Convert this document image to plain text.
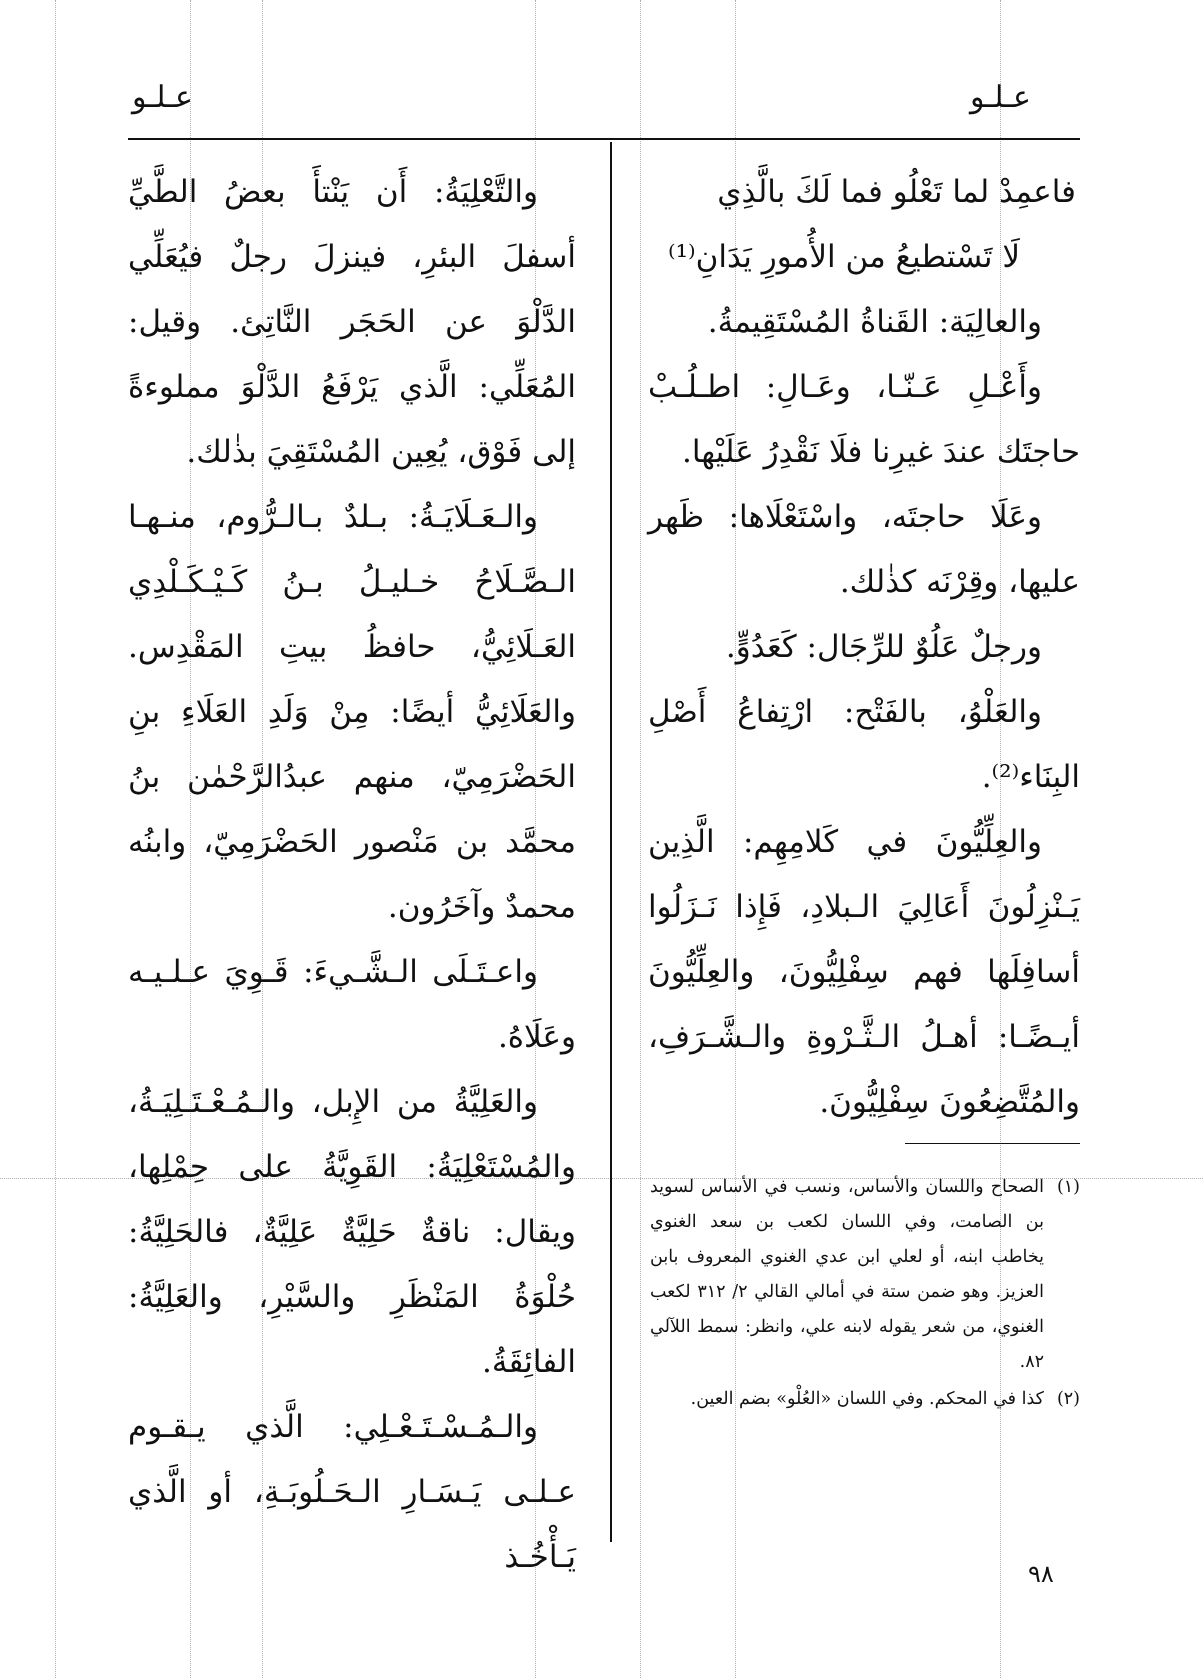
عـلـو
عـلـو

فاعمِدْ لما تَعْلُو فما لَكَ بالَّذِي

لَا تَسْتطيعُ من الأُمورِ يَدَانِ⁽¹⁾

والعالِيَة: القَناةُ المُسْتَقِيمةُ.

وأَعْـلِ عَـنّـا، وعَـالِ: اطـلُـبْ حاجتَك عندَ غيرِنا فلَا نَقْدِرُ عَلَيْها.

وعَلَا حاجتَه، واسْتَعْلَاها: ظَهر عليها، وقِرْنَه كذٰلك.

ورجلٌ عَلُوٌ للرِّجَال: كَعَدُوٍّ.

والعَلْوُ، بالفَتْح: ارْتِفاعُ أَصْلِ البِنَاء⁽²⁾.

والعِلِّيُّونَ في كَلامِهِم: الَّذِين يَـنْزِلُونَ أَعَالِيَ الـبلادِ، فَإِذا نَـزَلُوا أسافِلَها فهم سِفْلِيُّونَ، والعِلِّيُّونَ أيـضًـا: أهـلُ الـثَّـرْوةِ والـشَّـرَفِ، والمُتَّضِعُونَ سِفْلِيُّونَ.

والتَّعْلِيَةُ: أَن يَنْتأَ بعضُ الطَّيِّ أسفلَ البئرِ، فينزلَ رجلٌ فيُعَلِّي الدَّلْوَ عن الحَجَر النَّاتِئ. وقيل: المُعَلِّي: الَّذي يَرْفَعُ الدَّلْوَ مملوءةً إلى فَوْق، يُعِين المُسْتَقِيَ بذٰلك.

والـعَـلَايَـةُ: بـلدٌ بـالـرُّوم، منـهـا الـصَّـلَاحُ خـليـلُ بـنُ كَـيْـكَـلْدِي العَـلَائِيُّ، حافظُ بيتِ المَقْدِس. والعَلَائِيُّ أيضًا: مِنْ وَلَدِ العَلَاءِ بنِ الحَضْرَمِيّ، منهم عبدُالرَّحْمٰن بنُ محمَّد بن مَنْصور الحَضْرَمِيّ، وابنُه محمدٌ وآخَرُون.

واعـتَـلَى الـشَّـيءَ: قَـوِيَ عـلـيـه وعَلَاهُ.

والعَلِيَّةُ من الإِبل، والـمُـعْـتَـلِيَـةُ، والمُسْتَعْلِيَةُ: القَوِيَّةُ على حِمْلِها، ويقال: ناقةٌ حَلِيَّةٌ عَلِيَّةٌ، فالحَلِيَّةُ: حُلْوَةُ المَنْظَرِ والسَّيْرِ، والعَلِيَّةُ: الفائِقَةُ.

والـمُـسْـتَـعْـلِي: الَّذي يـقـوم عـلـى يَـسَـارِ الـحَـلُوبَـةِ، أو الَّذي يَـأْخُـذ

(١)
الصحاح واللسان والأساس، ونسب في الأساس لسويد بن الصامت، وفي اللسان لكعب بن سعد الغنوي يخاطب ابنه، أو لعلي ابن عدي الغنوي المعروف بابن العزيز. وهو ضمن ستة في أمالي القالي ٢/ ٣١٢ لكعب الغنوي، من شعر يقوله لابنه علي، وانظر: سمط اللآلي ٨٢.
(٢)
كذا في المحكم. وفي اللسان «العُلْو» بضم العين.
٩٨
